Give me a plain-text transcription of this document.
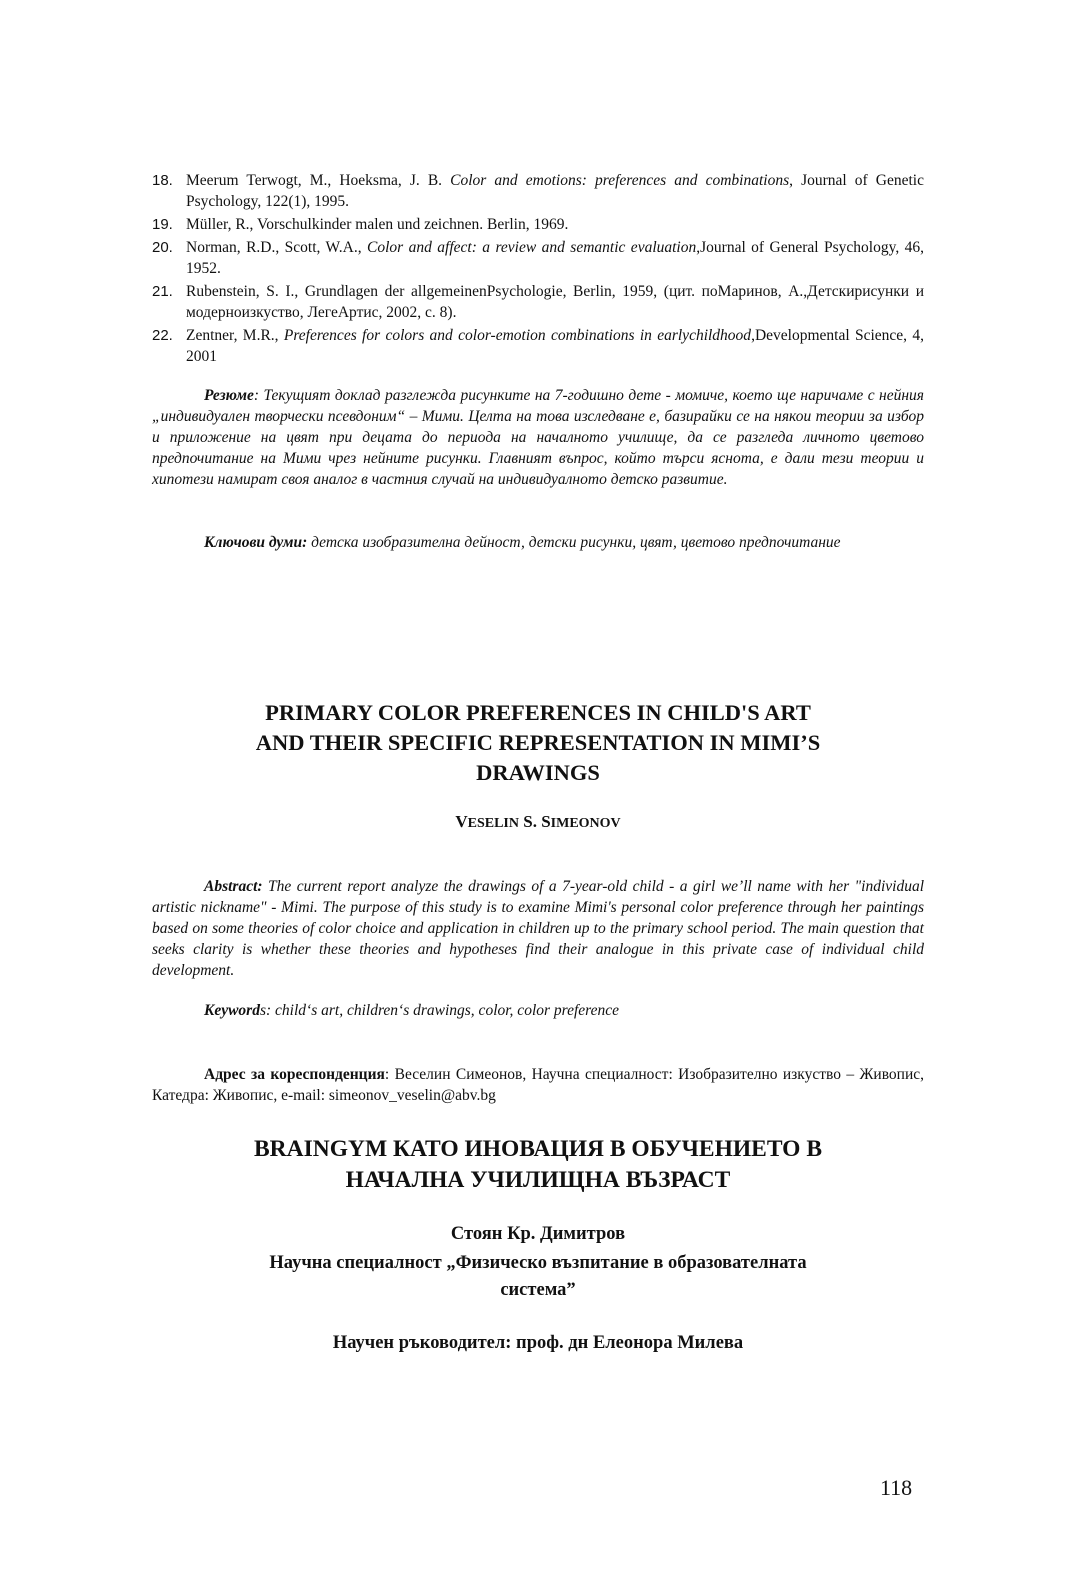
18. Meerum Terwogt, M., Hoeksma, J. B. Color and emotions: preferences and combinations, Journal of Genetic Psychology, 122(1), 1995.
19. Müller, R., Vorschulkinder malen und zeichnen. Berlin, 1969.
20. Norman, R.D., Scott, W.A., Color and affect: a review and semantic evaluation,Journal of General Psychology, 46, 1952.
21. Rubenstein, S. I., Grundlagen der allgemeinenPsychologie, Berlin, 1959, (цит. поМаринов, А.,Детскирисунки и модерноизкуство, ЛегеАртис, 2002, с. 8).
22. Zentner, M.R., Preferences for colors and color-emotion combinations in earlychildhood,Developmental Science, 4, 2001
Резюме: Текущият доклад разглежда рисунките на 7-годишно дете - момиче, което ще наричаме с нейния „индивидуален творчески псевдоним“ – Мими. Целта на това изследване е, базирайки се на някои теории за избор и приложение на цвят при децата до периода на началното училище, да се разгледа личното цветово предпочитание на Мими чрез нейните рисунки. Главният въпрос, който търси яснота, е дали тези теории и хипотези намират своя аналог в частния случай на индивидуалното детско развитие.
Ключови думи: детска изобразителна дейност, детски рисунки, цвят, цветово предпочитание
PRIMARY COLOR PREFERENCES IN CHILD'S ART
AND THEIR SPECIFIC REPRESENTATION IN MIMI’S
DRAWINGS
VESELIN S. SIMEONOV
Abstract: The current report analyze the drawings of a 7-year-old child - a girl we’ll name with her "individual artistic nickname" - Mimi. The purpose of this study is to examine Mimi's personal color preference through her paintings based on some theories of color choice and application in children up to the primary school period. The main question that seeks clarity is whether these theories and hypotheses find their analogue in this private case of individual child development.
Keywords: child‘s art, children‘s drawings, color, color preference
Адрес за кореспонденция: Веселин Симеонов, Научна специалност: Изобразително изкуство – Живопис, Катедра: Живопис, e-mail: simeonov_veselin@abv.bg
BRAINGYM КАТО ИНОВАЦИЯ В ОБУЧЕНИЕТО В
НАЧАЛНА УЧИЛИЩНА ВЪЗРАСТ
Стоян Кр. Димитров
Научна специалност „Физическо възпитание в образователната
система”
Научен ръководител: проф. дн Елеонора Милева
118
